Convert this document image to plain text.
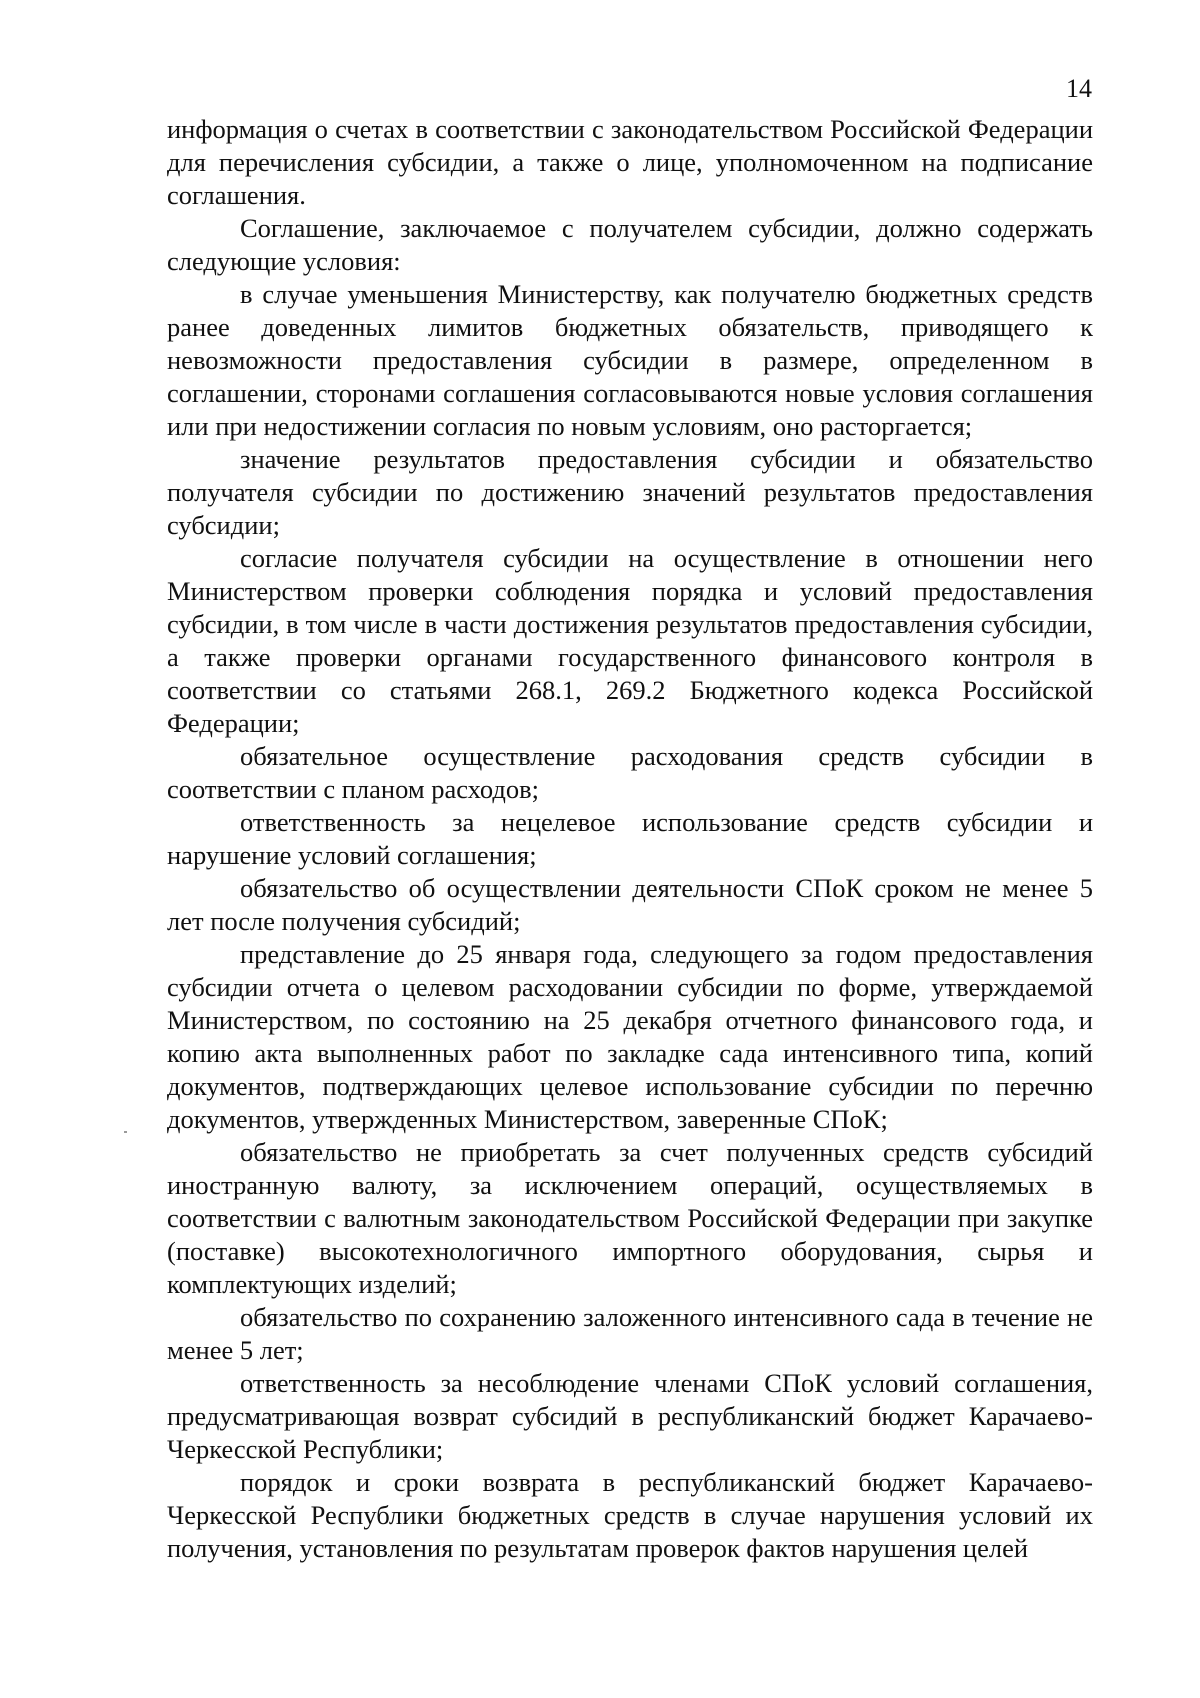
14

информация о счетах в соответствии с законодательством Российской Федерации для перечисления субсидии, а также о лице, уполномоченном на подписание соглашения.

Соглашение, заключаемое с получателем субсидии, должно содержать следующие условия:

в случае уменьшения Министерству, как получателю бюджетных средств ранее доведенных лимитов бюджетных обязательств, приводящего к невозможности предоставления субсидии в размере, определенном в соглашении, сторонами соглашения согласовываются новые условия соглашения или при недостижении согласия по новым условиям, оно расторгается;

значение результатов предоставления субсидии и обязательство получателя субсидии по достижению значений результатов предоставления субсидии;

согласие получателя субсидии на осуществление в отношении него Министерством проверки соблюдения порядка и условий предоставления субсидии, в том числе в части достижения результатов предоставления субсидии, а также проверки органами государственного финансового контроля в соответствии со статьями 268.1, 269.2 Бюджетного кодекса Российской Федерации;

обязательное осуществление расходования средств субсидии в соответствии с планом расходов;

ответственность за нецелевое использование средств субсидии и нарушение условий соглашения;

обязательство об осуществлении деятельности СПоК сроком не менее 5 лет после получения субсидий;

представление до 25 января года, следующего за годом предоставления субсидии отчета о целевом расходовании субсидии по форме, утверждаемой Министерством, по состоянию на 25 декабря отчетного финансового года, и копию акта выполненных работ по закладке сада интенсивного типа, копий документов, подтверждающих целевое использование субсидии по перечню документов, утвержденных Министерством, заверенные СПоК;

обязательство не приобретать за счет полученных средств субсидий иностранную валюту, за исключением операций, осуществляемых в соответствии с валютным законодательством Российской Федерации при закупке (поставке) высокотехнологичного импортного оборудования, сырья и комплектующих изделий;

обязательство по сохранению заложенного интенсивного сада в течение не менее 5 лет;

ответственность за несоблюдение членами СПоК условий соглашения, предусматривающая возврат субсидий в республиканский бюджет Карачаево-Черкесской Республики;

порядок и сроки возврата в республиканский бюджет Карачаево-Черкесской Республики бюджетных средств в случае нарушения условий их получения, установления по результатам проверок фактов нарушения целей
